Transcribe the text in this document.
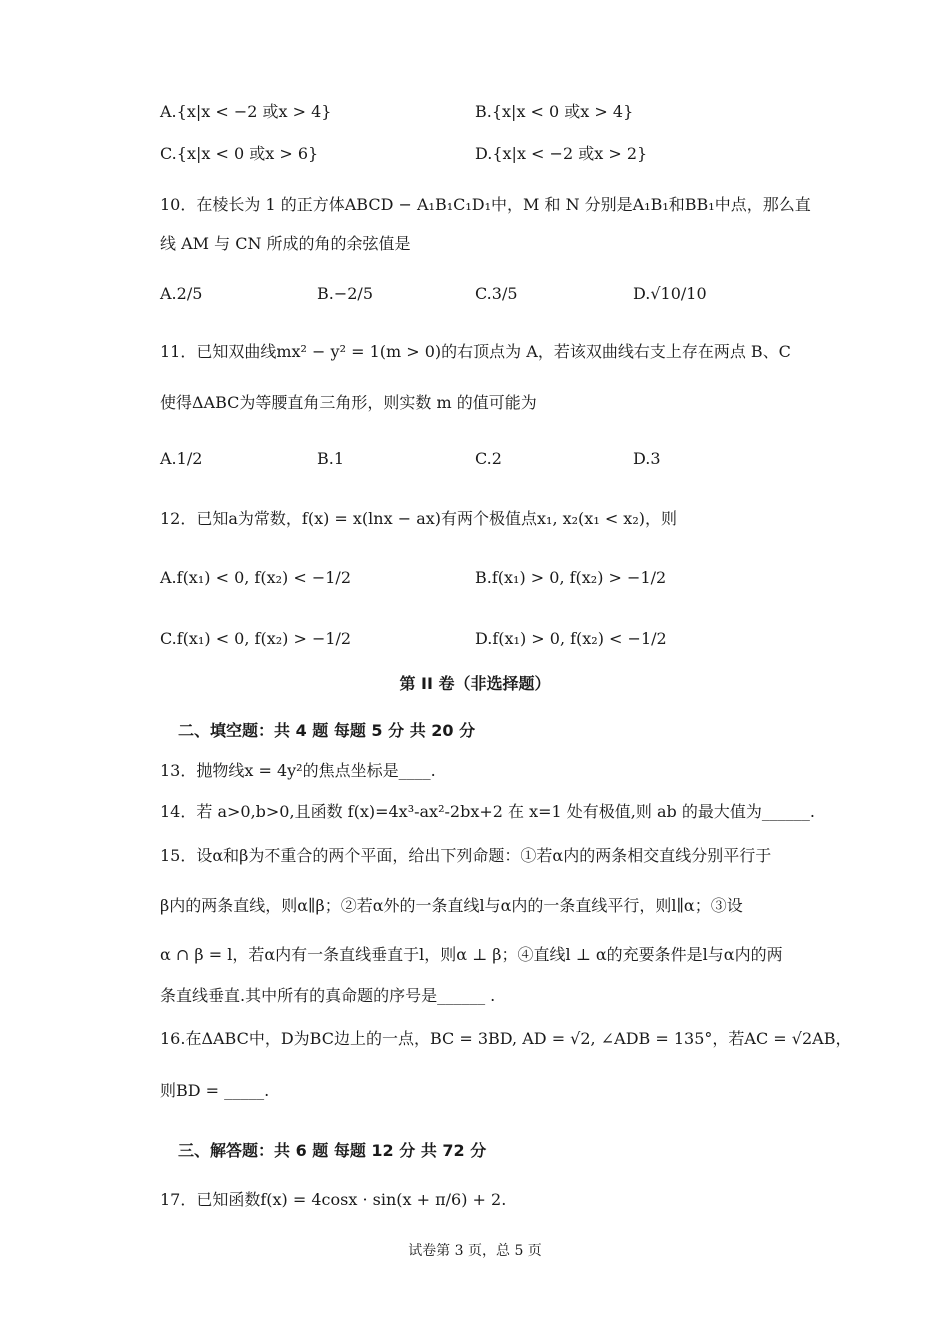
A.{x|x < −2 或x > 4}	B.{x|x < 0 或x > 4}
C.{x|x < 0 或x > 6}	D.{x|x < −2 或x > 2}
10．在棱长为 1 的正方体ABCD − A₁B₁C₁D₁中，M 和 N 分别是A₁B₁和BB₁中点，那么直
线 AM 与 CN 所成的角的余弦值是
A.2/5	B.−2/5	C.3/5	D.√10/10
11．已知双曲线mx² − y² = 1(m > 0)的右顶点为 A，若该双曲线右支上存在两点 B、C
使得ΔABC为等腰直角三角形，则实数 m 的值可能为
A.1/2	B.1	C.2	D.3
12．已知a为常数，f(x) = x(lnx − ax)有两个极值点x₁, x₂(x₁ < x₂)，则
A.f(x₁) < 0, f(x₂) < −1/2	B.f(x₁) > 0, f(x₂) > −1/2
C.f(x₁) < 0, f(x₂) > −1/2	D.f(x₁) > 0, f(x₂) < −1/2
第 II 卷（非选择题）
二、填空题：共 4 题 每题 5 分 共 20 分
13．抛物线x = 4y²的焦点坐标是____.
14．若 a>0,b>0,且函数 f(x)=4x³-ax²-2bx+2 在 x=1 处有极值,则 ab 的最大值为______.
15．设α和β为不重合的两个平面，给出下列命题：①若α内的两条相交直线分别平行于
β内的两条直线，则α∥β；②若α外的一条直线l与α内的一条直线平行，则l∥α；③设
α ∩ β = l，若α内有一条直线垂直于l，则α ⊥ β；④直线l ⊥ α的充要条件是l与α内的两
条直线垂直.其中所有的真命题的序号是______ .
16.在ΔABC中，D为BC边上的一点，BC = 3BD, AD = √2, ∠ADB = 135°，若AC = √2AB，
则BD = _____.
三、解答题：共 6 题 每题 12 分 共 72 分
17．已知函数f(x) = 4cosx · sin(x + π/6) + 2.
试卷第 3 页，总 5 页
